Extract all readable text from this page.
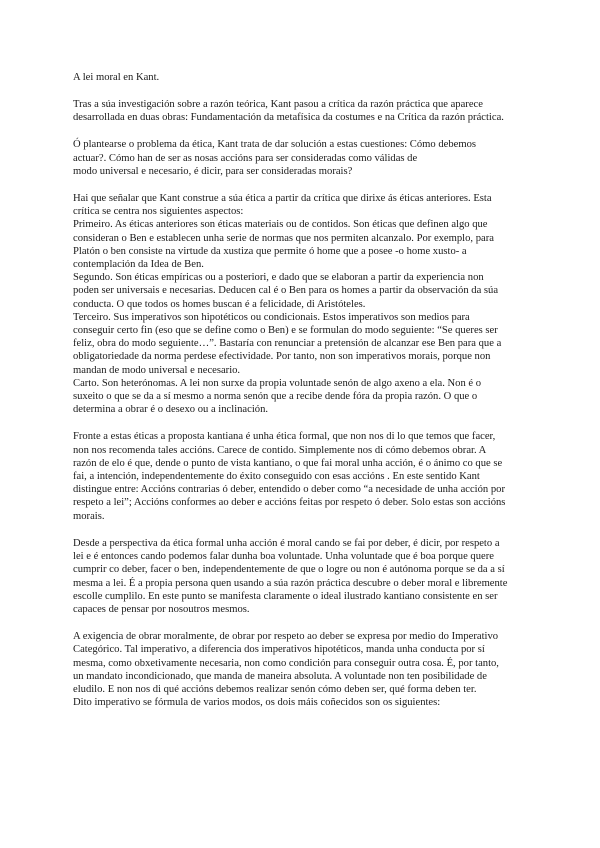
A lei moral en Kant.
Tras a súa investigación sobre a razón teórica, Kant pasou a crítica da razón práctica que aparece
desarrollada en duas obras: Fundamentación da metafísica da costumes e na Crítica da razón práctica.
Ó plantearse o problema da ética, Kant trata de dar solución a estas cuestiones: Cómo debemos
actuar?. Cómo han de ser as nosas accións para ser consideradas como válidas de
modo universal e necesario, é dicir, para ser consideradas morais?
Hai que señalar que Kant construe a súa ética a partir da crítica que dirixe ás éticas anteriores. Esta
crítica se centra nos siguientes aspectos:
Primeiro. As éticas anteriores son éticas materiais ou de contidos. Son éticas que definen algo que
consideran o Ben e establecen unha serie de normas que nos permiten alcanzalo. Por exemplo, para
Platón o ben consiste na virtude da xustiza que permite ó home que a posee -o home xusto- a
contemplación da Idea de Ben.
Segundo. Son éticas empíricas ou a posteriori, e dado que se elaboran a partir da experiencia non
poden ser universais e necesarias. Deducen cal é o Ben para os homes a partir da observación da súa
conducta. O que todos os homes buscan é a felicidade, di Aristóteles.
Terceiro. Sus imperativos son hipotéticos ou condicionais. Estos imperativos son medios para
conseguir certo fin (eso que se define como o Ben) e se formulan do modo seguiente: “Se queres ser
feliz, obra do modo seguiente…”. Bastaría con renunciar a pretensión de alcanzar ese Ben para que a
obligatoriedade da norma perdese efectividade. Por tanto, non son imperativos morais, porque non
mandan de modo universal e necesario.
Carto. Son heterónomas. A lei non surxe da propia voluntade senón de algo axeno a ela. Non é o
suxeito o que se da a sí mesmo a norma senón que a recibe dende fóra da propia razón. O que o
determina a obrar é o desexo ou a inclinación.
Fronte a estas éticas a proposta kantiana é unha ética formal, que non nos di lo que temos que facer,
non nos recomenda tales accións. Carece de contido. Simplemente nos di cómo debemos obrar. A
razón de elo é que, dende o punto de vista kantiano, o que fai moral unha acción, é o ánimo co que se
fai, a intención, independentemente do éxito conseguido con esas accións . En este sentido Kant
distingue entre: Accións contrarias ó deber, entendido o deber como “a necesidade de unha acción por
respeto a lei”; Accións conformes ao deber e accións feitas por respeto ó deber. Solo estas son accións
morais.
Desde a perspectiva da ética formal unha acción é moral cando se fai por deber, é dicir, por respeto a
lei e é entonces cando podemos falar dunha boa voluntade. Unha voluntade que é boa porque quere
cumprir co deber, facer o ben, independentemente de que o logre ou non é autónoma porque se da a sí
mesma a lei. É a propia persona quen usando a súa razón práctica descubre o deber moral e libremente
escolle cumplilo. En este punto se manifesta claramente o ideal ilustrado kantiano consistente en ser
capaces de pensar por nosoutros mesmos.
A exigencia de obrar moralmente, de obrar por respeto ao deber se expresa por medio do Imperativo
Categórico. Tal imperativo, a diferencia dos imperativos hipotéticos, manda unha conducta por sí
mesma, como obxetivamente necesaria, non como condición para conseguir outra cosa. É, por tanto,
un mandato incondicionado, que manda de maneira absoluta. A voluntade non ten posibilidade de
eludilo. E non nos di qué accións debemos realizar senón cómo deben ser, qué forma deben ter.
Dito imperativo se fórmula de varios modos, os dois máis coñecidos son os siguientes:
